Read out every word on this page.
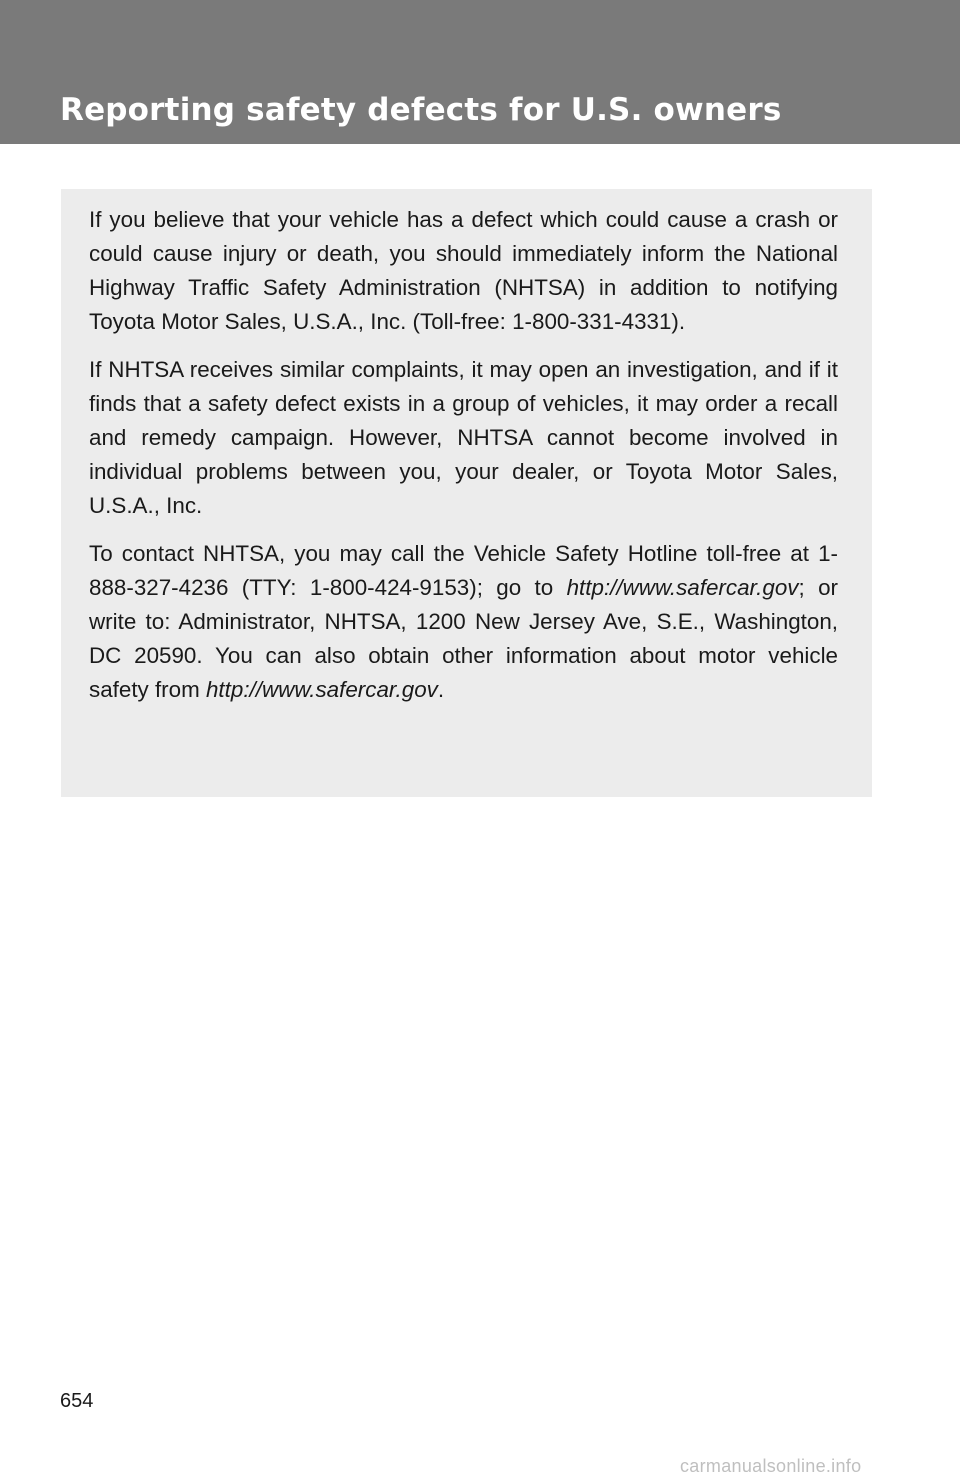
Reporting safety defects for U.S. owners

If you believe that your vehicle has a defect which could cause a crash or could cause injury or death, you should immediately inform the National Highway Traffic Safety Administration (NHTSA) in addition to notifying Toyota Motor Sales, U.S.A., Inc. (Toll-free: 1-800-331-4331).

If NHTSA receives similar complaints, it may open an investigation, and if it finds that a safety defect exists in a group of vehicles, it may order a recall and remedy campaign. However, NHTSA cannot become involved in individual problems between you, your dealer, or Toyota Motor Sales, U.S.A., Inc.

To contact NHTSA, you may call the Vehicle Safety Hotline toll-free at 1-888-327-4236 (TTY: 1-800-424-9153); go to http://www.safercar.gov; or write to: Administrator, NHTSA, 1200 New Jersey Ave, S.E., Washington, DC 20590. You can also obtain other information about motor vehicle safety from http://www.safercar.gov.

654
carmanualsonline.info
